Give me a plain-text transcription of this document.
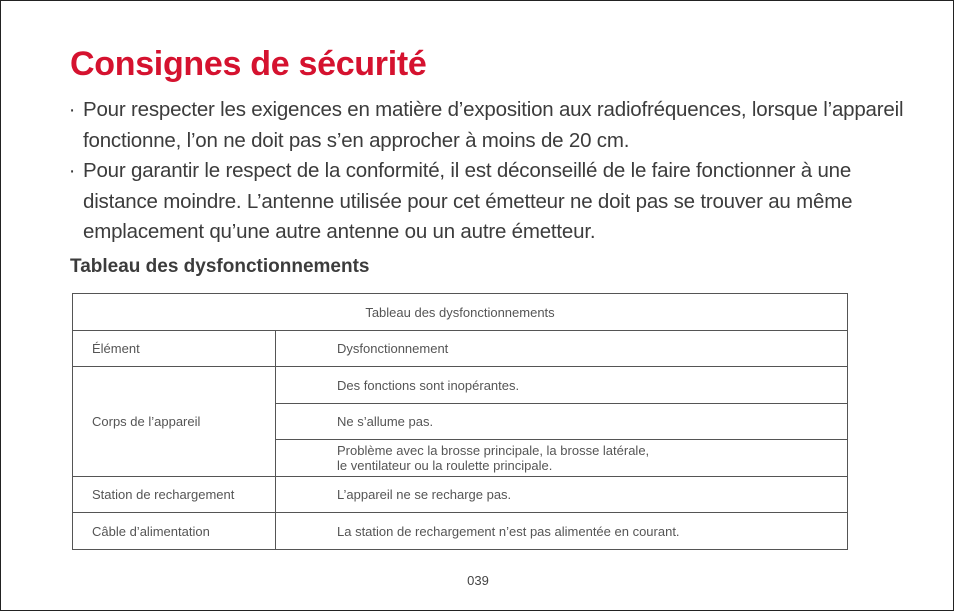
Consignes de sécurité

· Pour respecter les exigences en matière d’exposition aux radiofréquences, lorsque l’appareil fonctionne, l’on ne doit pas s’en approcher à moins de 20 cm.

· Pour garantir le respect de la conformité, il est déconseillé de le faire fonctionner à une distance moindre. L’antenne utilisée pour cet émetteur ne doit pas se trouver au même emplacement qu’une autre antenne ou un autre émetteur.

Tableau des dysfonctionnements
Tableau des dysfonctionnements	
Élément	Dysfonctionnement
Corps de l’appareil	Des fonctions sont inopérantes.
	Ne s’allume pas.
	Problème avec la brosse principale, la brosse latérale,
le ventilateur ou la roulette principale.
Station de rechargement	L’appareil ne se recharge pas.
Câble d’alimentation	La station de rechargement n’est pas alimentée en courant.
039
